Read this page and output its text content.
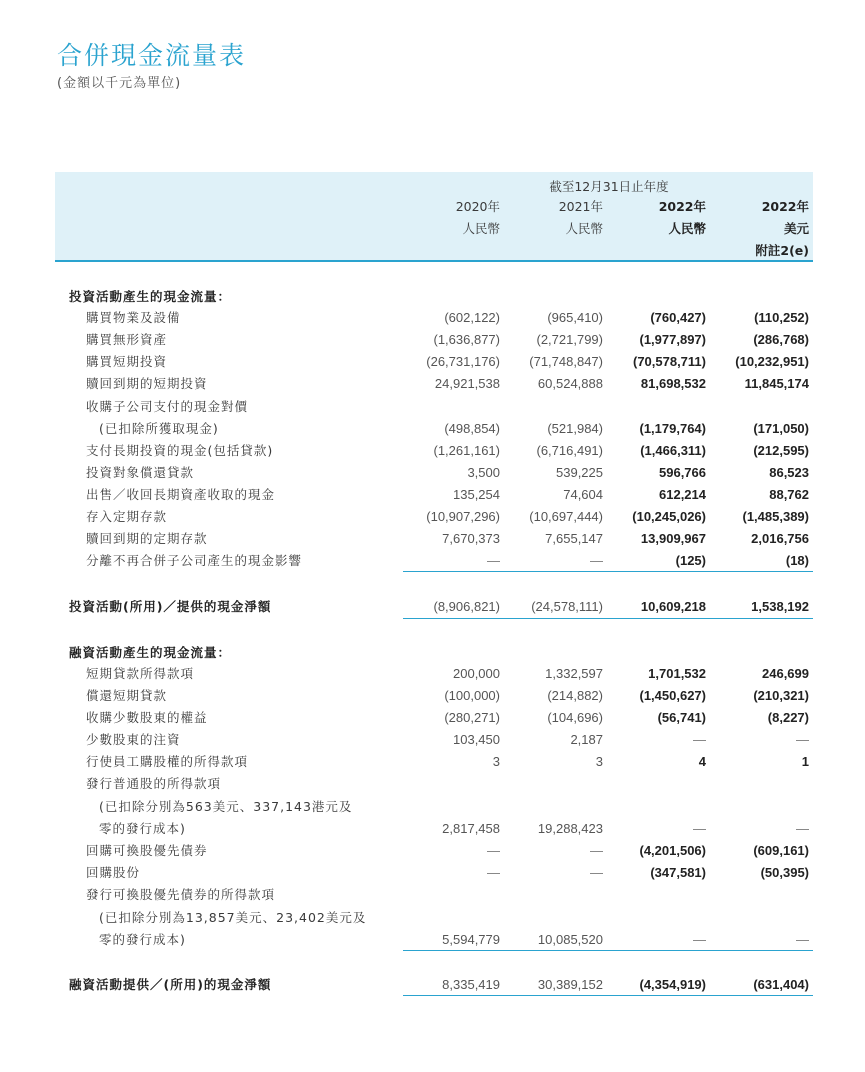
合併現金流量表
(金額以千元為單位)
截至12月31日止年度
2020年
人民幣
2021年
人民幣
2022年
人民幣
2022年
美元
附註2(e)
投資活動產生的現金流量：
購買物業及設備	(602,122)	(965,410)	(760,427)	(110,252)
購買無形資產	(1,636,877)	(2,721,799)	(1,977,897)	(286,768)
購買短期投資	(26,731,176) (71,748,847) (70,578,711) (10,232,951)
贖回到期的短期投資	24,921,538	60,524,888	81,698,532	11,845,174
收購子公司支付的現金對價
(已扣除所獲取現金)	(498,854)	(521,984)	(1,179,764)	(171,050)
支付長期投資的現金(包括貸款)	(1,261,161)	(6,716,491)	(1,466,311)	(212,595)
投資對象償還貸款	3,500	539,225	596,766	86,523
出售／收回長期資產收取的現金	135,254	74,604	612,214	88,762
存入定期存款	(10,907,296) (10,697,444) (10,245,026)	(1,485,389)
贖回到期的定期存款	7,670,373	7,655,147	13,909,967	2,016,756
分離不再合併子公司產生的現金影響	—	—	(125)	(18)
投資活動(所用)／提供的現金淨額	(8,906,821) (24,578,111)	10,609,218	1,538,192
融資活動產生的現金流量：
短期貸款所得款項	200,000	1,332,597	1,701,532	246,699
償還短期貸款	(100,000)	(214,882)	(1,450,627)	(210,321)
收購少數股東的權益	(280,271)	(104,696)	(56,741)	(8,227)
少數股東的注資	103,450	2,187	—	—
行使員工購股權的所得款項	3	3	4	1
發行普通股的所得款項
(已扣除分別為563美元、337,143港元及
零的發行成本)	2,817,458	19,288,423	—	—
回購可換股優先債券	—	—	(4,201,506)	(609,161)
回購股份	—	—	(347,581)	(50,395)
發行可換股優先債券的所得款項
(已扣除分別為13,857美元、23,402美元及
零的發行成本)	5,594,779	10,085,520	—	—
融資活動提供／(所用)的現金淨額	8,335,419	30,389,152	(4,354,919)	(631,404)
